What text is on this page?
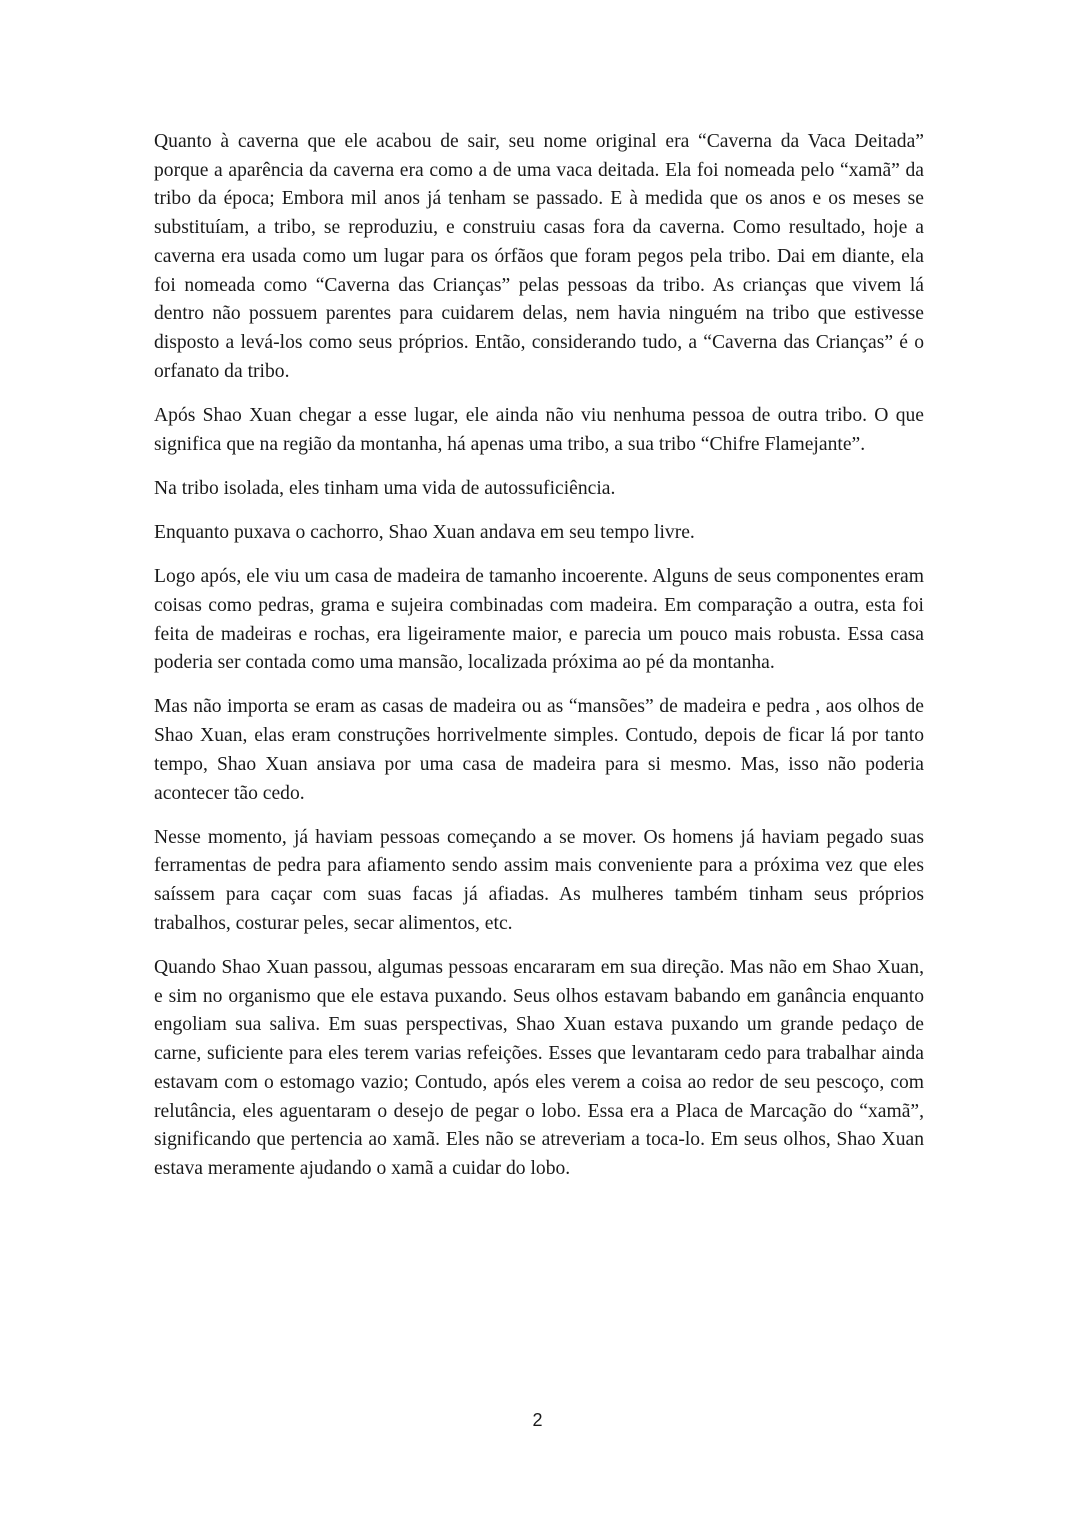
Quanto à caverna que ele acabou de sair, seu nome original era “Caverna da Vaca Deitada” porque a aparência da caverna era como a de uma vaca deitada. Ela foi nomeada pelo “xamã” da tribo da época; Embora mil anos já tenham se passado. E à medida que os anos e os meses se substituíam, a tribo, se reproduziu, e construiu casas fora da caverna. Como resultado, hoje a caverna era usada como um lugar para os órfãos que foram pegos pela tribo. Dai em diante, ela foi nomeada como “Caverna das Crianças” pelas pessoas da tribo. As crianças que vivem lá dentro não possuem parentes para cuidarem delas, nem havia ninguém na tribo que estivesse disposto a levá-los como seus próprios. Então, considerando tudo, a “Caverna das Crianças” é o orfanato da tribo.

Após Shao Xuan chegar a esse lugar, ele ainda não viu nenhuma pessoa de outra tribo. O que significa que na região da montanha, há apenas uma tribo, a sua tribo “Chifre Flamejante”.

Na tribo isolada, eles tinham uma vida de autossuficiência.

Enquanto puxava o cachorro, Shao Xuan andava em seu tempo livre.

Logo após, ele viu um casa de madeira de tamanho incoerente. Alguns de seus componentes eram coisas como pedras, grama e sujeira combinadas com madeira. Em comparação a outra, esta foi feita de madeiras e rochas, era ligeiramente maior, e parecia um pouco mais robusta. Essa casa poderia ser contada como uma mansão, localizada próxima ao pé da montanha.

Mas não importa se eram as casas de madeira ou as “mansões” de madeira e pedra , aos olhos de Shao Xuan, elas eram construções horrivelmente simples. Contudo, depois de ficar lá por tanto tempo, Shao Xuan ansiava por uma casa de madeira para si mesmo. Mas, isso não poderia acontecer tão cedo.

Nesse momento, já haviam pessoas começando a se mover. Os homens já haviam pegado suas ferramentas de pedra para afiamento sendo assim mais conveniente para a próxima vez que eles saíssem para caçar com suas facas já afiadas. As mulheres também tinham seus próprios trabalhos, costurar peles, secar alimentos, etc.

Quando Shao Xuan passou, algumas pessoas encararam em sua direção. Mas não em Shao Xuan, e sim no organismo que ele estava puxando. Seus olhos estavam babando em ganância enquanto engoliam sua saliva. Em suas perspectivas, Shao Xuan estava puxando um grande pedaço de carne, suficiente para eles terem varias refeições. Esses que levantaram cedo para trabalhar ainda estavam com o estomago vazio; Contudo, após eles verem a coisa ao redor de seu pescoço, com relutância, eles aguentaram o desejo de pegar o lobo. Essa era a Placa de Marcação do “xamã”, significando que pertencia ao xamã. Eles não se atreveriam a toca-lo. Em seus olhos, Shao Xuan estava meramente ajudando o xamã a cuidar do lobo.

2
